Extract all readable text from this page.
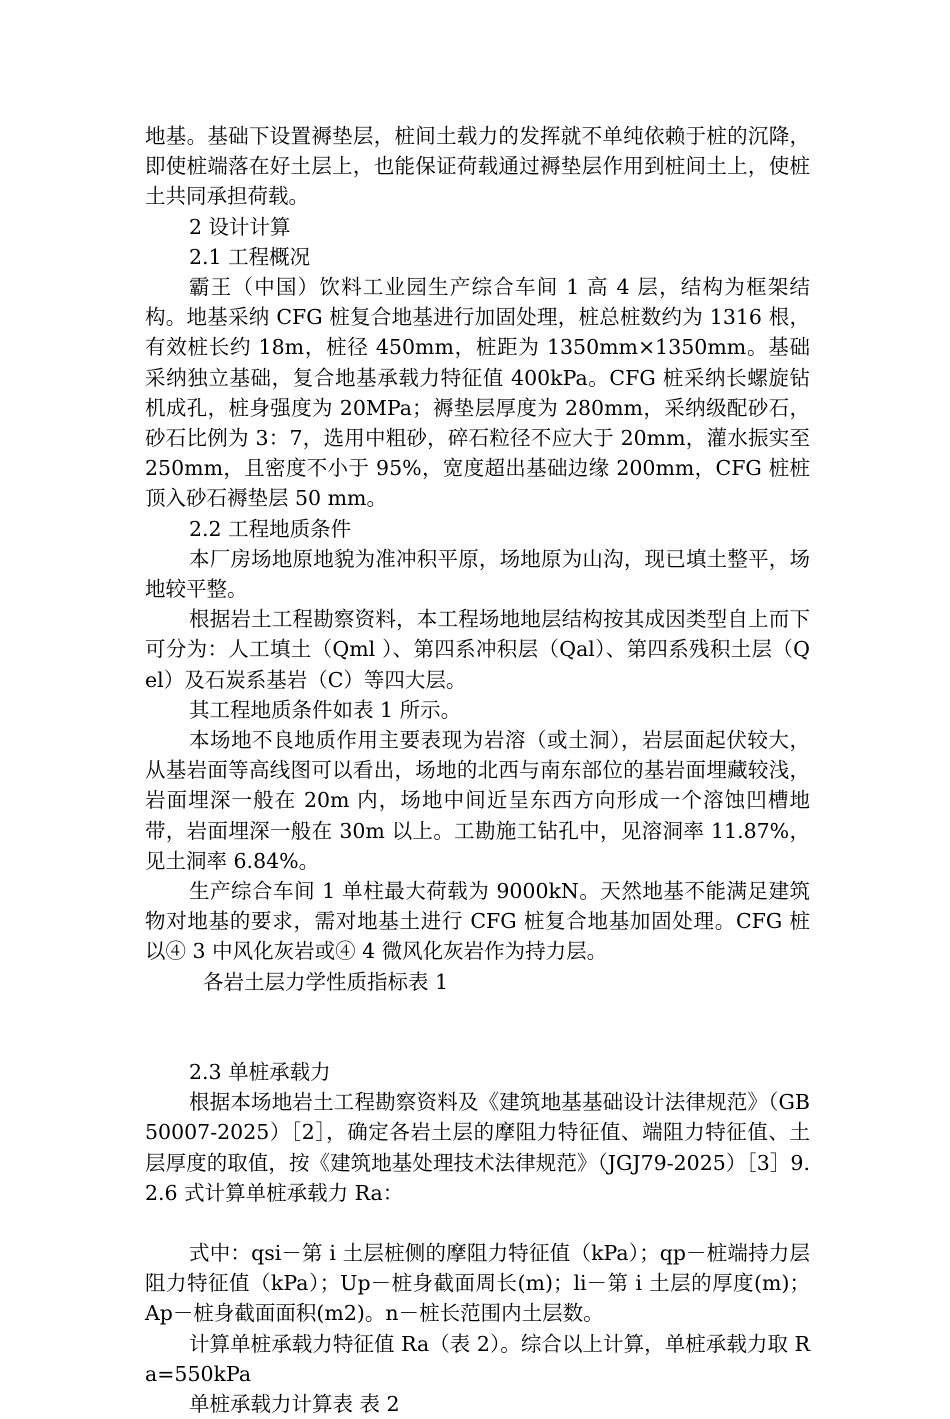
地基。基础下设置褥垫层，桩间土载力的发挥就不单纯依赖于桩的沉降，即使桩端落在好土层上，也能保证荷载通过褥垫层作用到桩间土上，使桩土共同承担荷载。

2 设计计算

2.1 工程概况

霸王（中国）饮料工业园生产综合车间 1 高 4 层，结构为框架结构。地基采纳 CFG 桩复合地基进行加固处理，桩总桩数约为 1316 根，有效桩长约 18m，桩径 450mm，桩距为 1350mm×1350mm。基础采纳独立基础，复合地基承载力特征值 400kPa。CFG 桩采纳长螺旋钻机成孔，桩身强度为 20MPa；褥垫层厚度为 280mm，采纳级配砂石，砂石比例为 3：7，选用中粗砂，碎石粒径不应大于 20mm，灌水振实至 250mm，且密度不小于 95%，宽度超出基础边缘 200mm，CFG 桩桩顶入砂石褥垫层 50 mm。

2.2 工程地质条件

本厂房场地原地貌为准冲积平原，场地原为山沟，现已填土整平，场地较平整。

根据岩土工程勘察资料，本工程场地地层结构按其成因类型自上而下可分为：人工填土（Qml ）、第四系冲积层（Qal）、第四系残积土层（Qel）及石炭系基岩（C）等四大层。

其工程地质条件如表 1 所示。

本场地不良地质作用主要表现为岩溶（或土洞），岩层面起伏较大，从基岩面等高线图可以看出，场地的北西与南东部位的基岩面埋藏较浅，岩面埋深一般在 20m 内，场地中间近呈东西方向形成一个溶蚀凹槽地带，岩面埋深一般在 30m 以上。工勘施工钻孔中，见溶洞率 11.87%，见土洞率 6.84%。

生产综合车间 1 单柱最大荷载为 9000kN。天然地基不能满足建筑物对地基的要求，需对地基土进行 CFG 桩复合地基加固处理。CFG 桩以④ 3 中风化灰岩或④ 4 微风化灰岩作为持力层。

各岩土层力学性质指标表 1

2.3 单桩承载力

根据本场地岩土工程勘察资料及《建筑地基基础设计法律规范》（GB50007-2025）［2］，确定各岩土层的摩阻力特征值、端阻力特征值、土层厚度的取值，按《建筑地基处理技术法律规范》（JGJ79-2025）［3］9.2.6 式计算单桩承载力 Ra：

式中：qsi－第 i 土层桩侧的摩阻力特征值（kPa）；qp－桩端持力层阻力特征值（kPa）；Up－桩身截面周长(m)；li－第 i 土层的厚度(m)；Ap－桩身截面面积(m2)。n－桩长范围内土层数。

计算单桩承载力特征值 Ra（表 2）。综合以上计算，单桩承载力取 Ra=550kPa

单桩承载力计算表 表 2
